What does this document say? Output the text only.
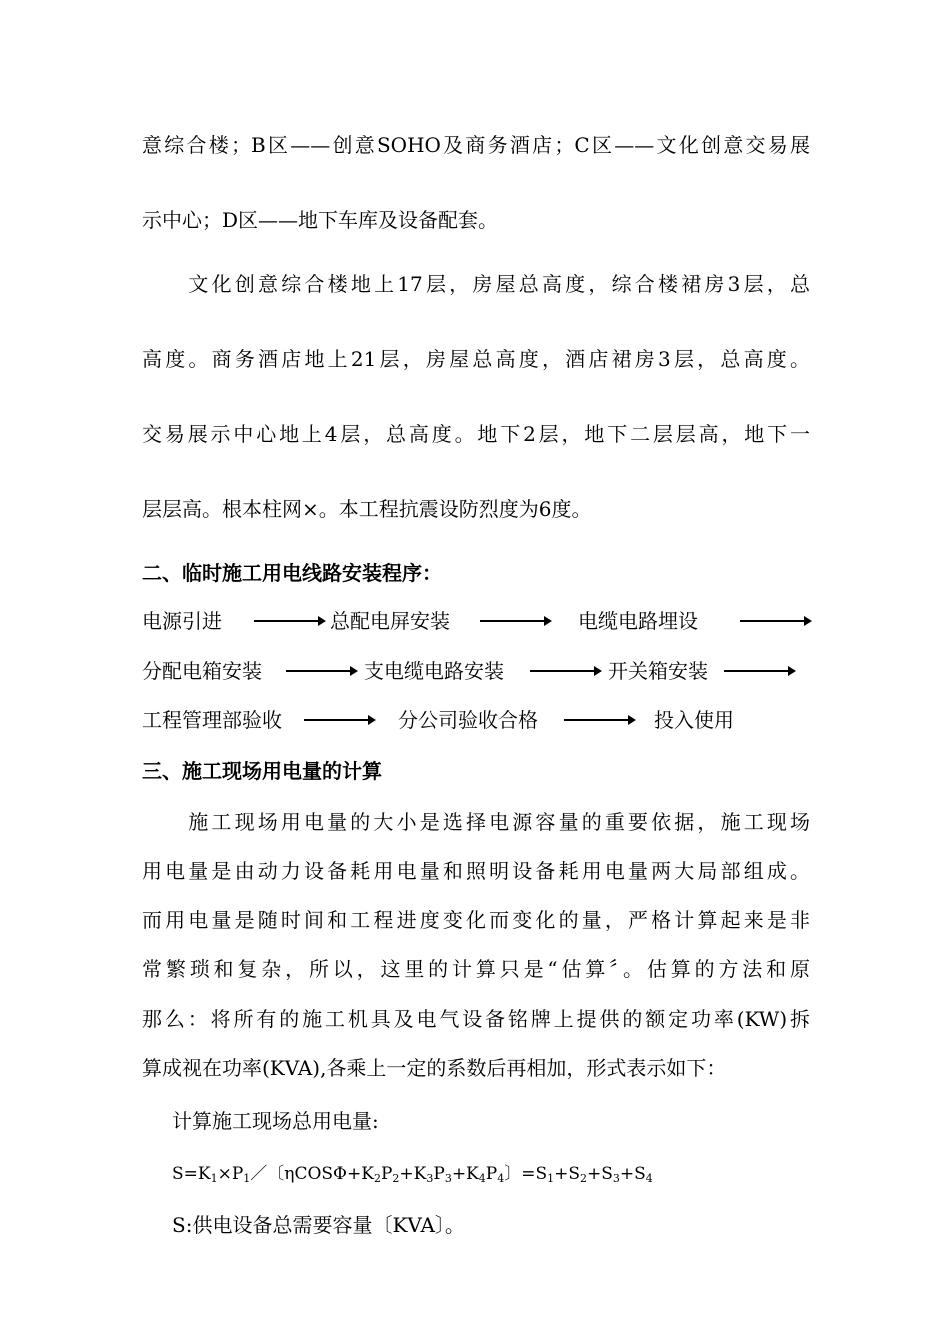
意综合楼；B区——创意SOHO及商务酒店；C区——文化创意交易展
示中心；D区——地下车库及设备配套。
　　文化创意综合楼地上17层，房屋总高度，综合楼裙房3层，总
高度。商务酒店地上21层，房屋总高度，酒店裙房3层，总高度。
交易展示中心地上4层，总高度。地下2层，地下二层层高，地下一
层层高。根本柱网×。本工程抗震设防烈度为6度。
二、临时施工用电线路安装程序：
电源引进	总配电屏安装	电缆电路埋设
分配电箱安装	支电缆电路安装	开关箱安装
工程管理部验收	分公司验收合格	投入使用
三、施工现场用电量的计算
　　施工现场用电量的大小是选择电源容量的重要依据，施工现场
用电量是由动力设备耗用电量和照明设备耗用电量两大局部组成。
而用电量是随时间和工程进度变化而变化的量，严格计算起来是非
常繁琐和复杂，所以，这里的计算只是“估算〞。估算的方法和原
那么：将所有的施工机具及电气设备铭牌上提供的额定功率(KW)拆
算成视在功率(KVA),各乘上一定的系数后再相加，形式表示如下：
计算施工现场总用电量:
$S=K_1\times P_1/$〔$\eta COS\Phi+K_2P_2+K_3P_3+K_4P_4$〕$=S_1+S_2+S_3+S_4$
S:供电设备总需要容量〔KVA〕。
